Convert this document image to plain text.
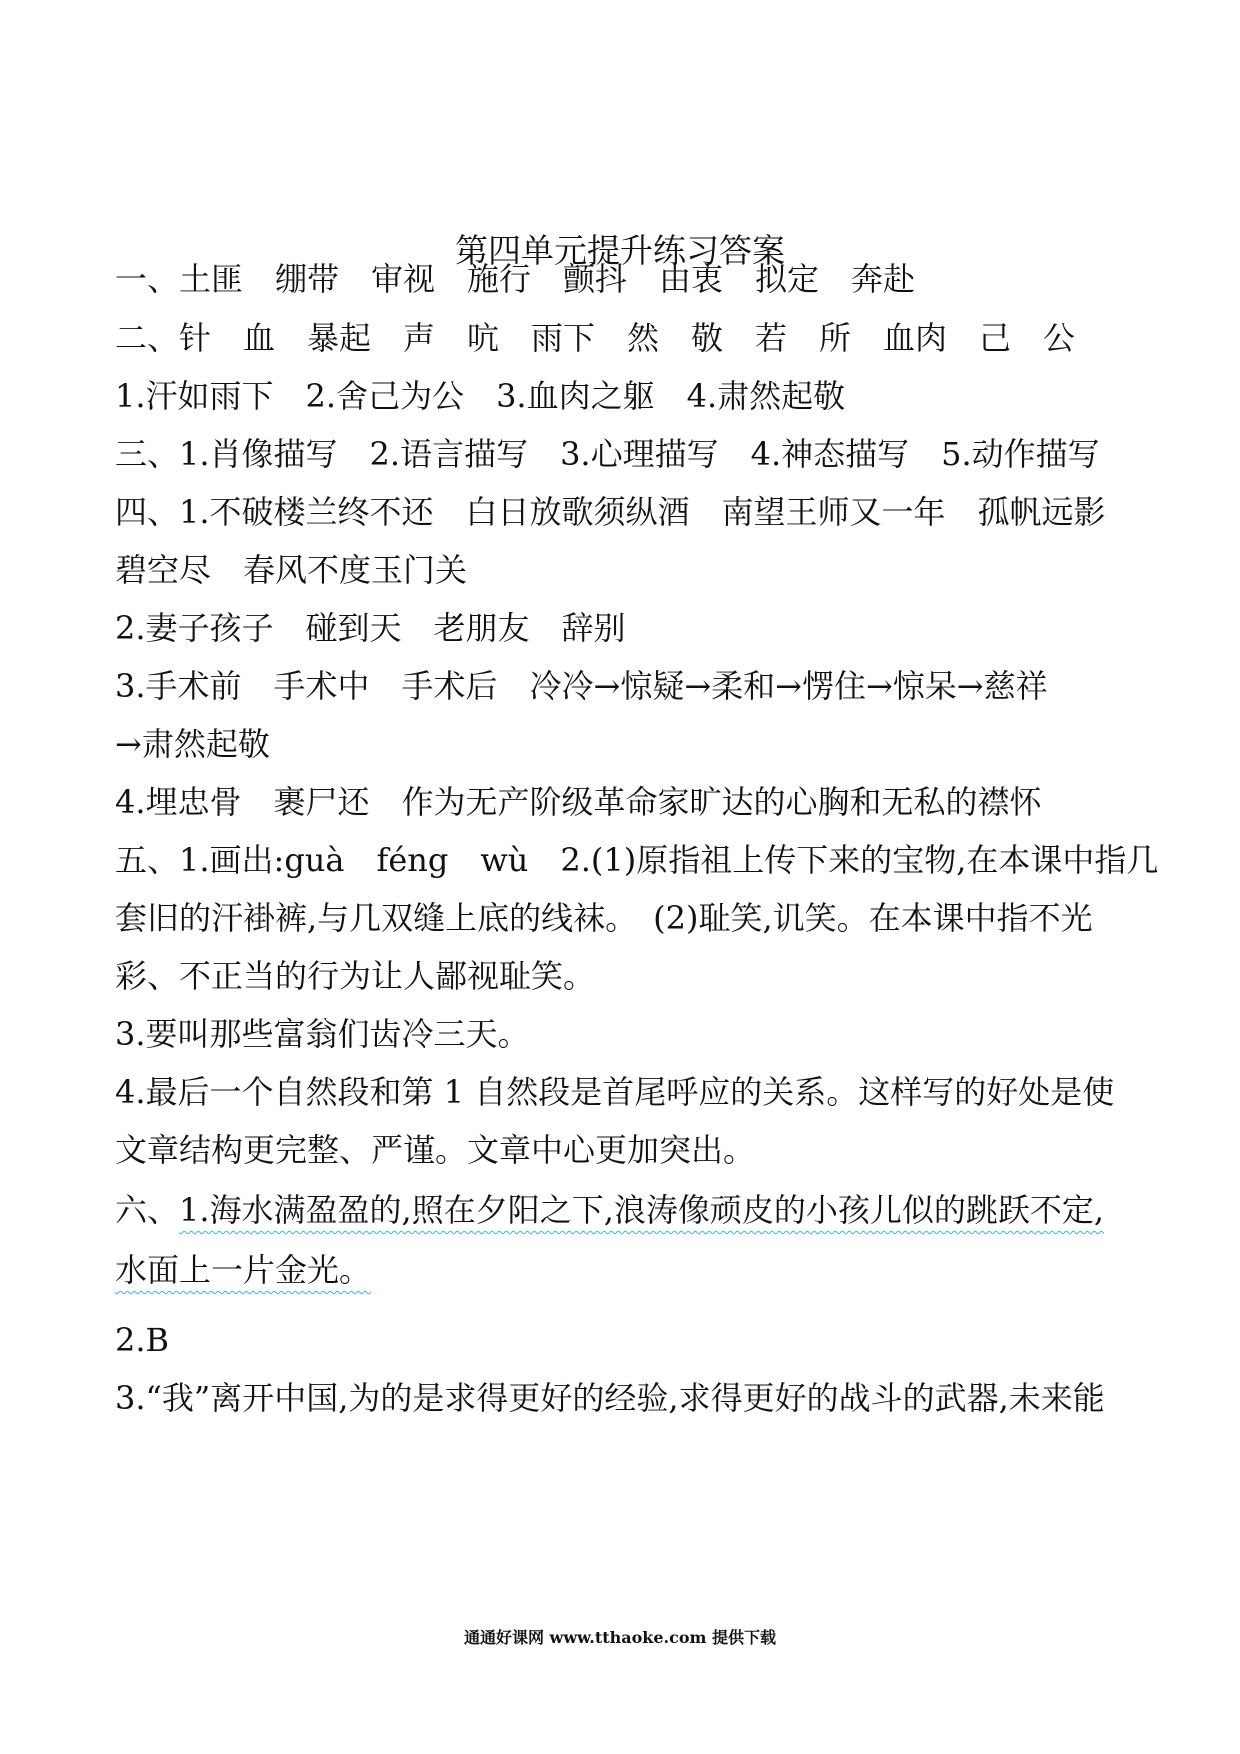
第四单元提升练习答案
一、土匪　绷带　审视　施行　颤抖　由衷　拟定　奔赴
二、针　血　暴起　声　吭　雨下　然　敬　若　所　血肉　己　公
1.汗如雨下　2.舍己为公　3.血肉之躯　4.肃然起敬
三、1.肖像描写　2.语言描写　3.心理描写　4.神态描写　5.动作描写
四、1.不破楼兰终不还　白日放歌须纵酒　南望王师又一年　孤帆远影
碧空尽　春风不度玉门关
2.妻子孩子　碰到天　老朋友　辞别
3.手术前　手术中　手术后　冷冷→惊疑→柔和→愣住→惊呆→慈祥
→肃然起敬
4.埋忠骨　裹尸还　作为无产阶级革命家旷达的心胸和无私的襟怀
五、1.画出:guà　féng　wù　2.(1)原指祖上传下来的宝物,在本课中指几
套旧的汗褂裤,与几双缝上底的线袜。　(2)耻笑,讥笑。在本课中指不光
彩、不正当的行为让人鄙视耻笑。
3.要叫那些富翁们齿冷三天。
4.最后一个自然段和第 1 自然段是首尾呼应的关系。这样写的好处是使
文章结构更完整、严谨。文章中心更加突出。
六、1.海水满盈盈的,照在夕阳之下,浪涛像顽皮的小孩儿似的跳跃不定,
水面上一片金光。
2.B
3.“我”离开中国,为的是求得更好的经验,求得更好的战斗的武器,未来能
通通好课网 www.tthaoke.com 提供下载
